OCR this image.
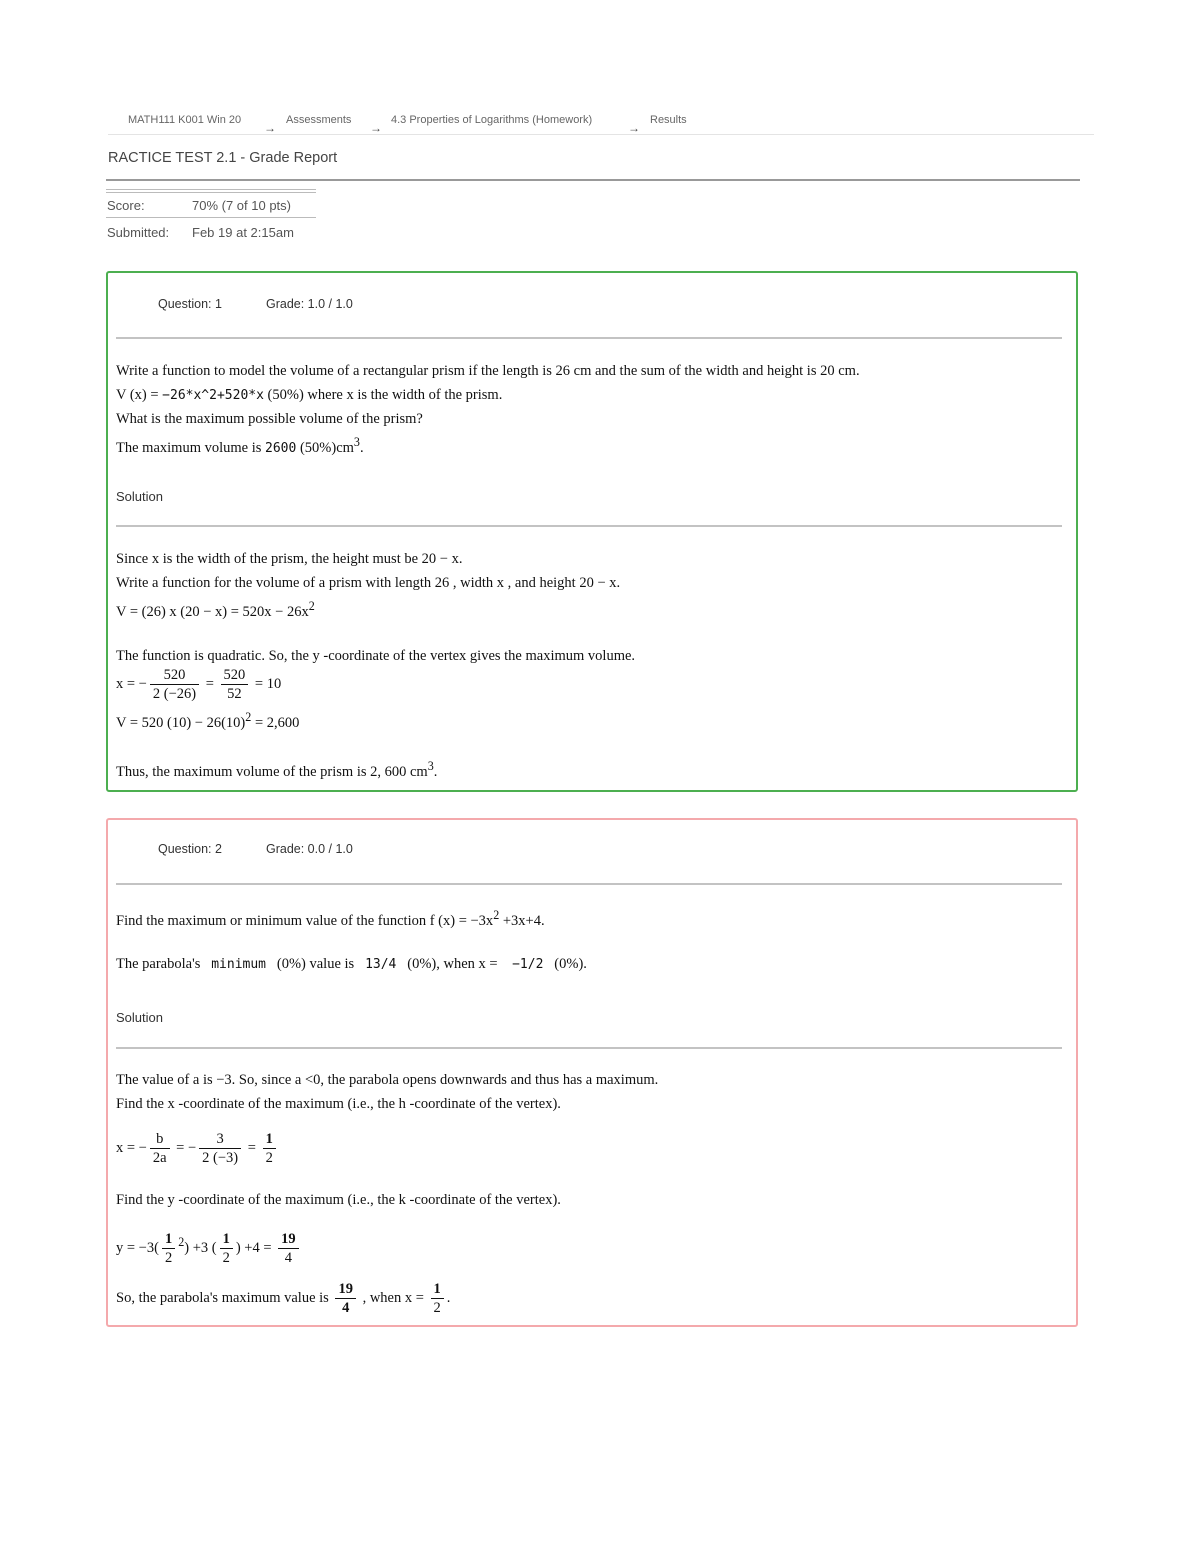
MATH111 K001 Win 20
→
Assessments
→
4.3 Properties of Logarithms (Homework)
→
Results
RACTICE TEST 2.1 - Grade Report
Score:	70% (7 of 10 pts)
Submitted: Feb 19 at 2:15am
Question: 1	Grade: 1.0 / 1.0
Write a function to model the volume of a rectangular prism if the length is 26 cm and the sum of the width and height is 20 cm.
V (x) = −26*x^2+520*x (50%) where x is the width of the prism.
What is the maximum possible volume of the prism?
The maximum volume is 2600 $(50\%)cm^3$.
Solution
Since x is the width of the prism, the height must be 20 − x.
Write a function for the volume of a prism with length 26 , width x , and height 20 − x.
V = (26) x $(20 - x) = 520x - 26x^2$
The function is quadratic. So, the y -coordinate of the vertex gives the maximum volume.
x = − $\frac{520}{2 (-26)} = \frac{520}{52} = 10$
V = 520 $(10) - 26(10)^2 = 2,600$
Thus, the maximum volume of the prism is 2, 600 $cm^3$.
Question: 2	Grade: 0.0 / 1.0
Find the maximum or minimum value of the function f $(x) = -3x^2 +3x+4$.
The parabola's   minimum   (0%) value is   13/4   (0%), when x =    −1/2   (0%).
Solution
The value of a is −3. So, since a <0, the parabola opens downwards and thus has a maximum.
Find the x -coordinate of the maximum (i.e., the h -coordinate of the vertex).
x = − $\frac{b}{2a}$ = − $\frac{3}{2 (-3)} = \frac{1}{2}$
Find the y -coordinate of the maximum (i.e., the k -coordinate of the vertex).
$y = -3( \frac{1}{2} ^2) +3$ ( $\frac{1}{2}$ ) $+4 = \frac{19}{4}$
So, the parabola's maximum value is $\frac{19}{4}$ , when $x = \frac{1}{2}$ .
